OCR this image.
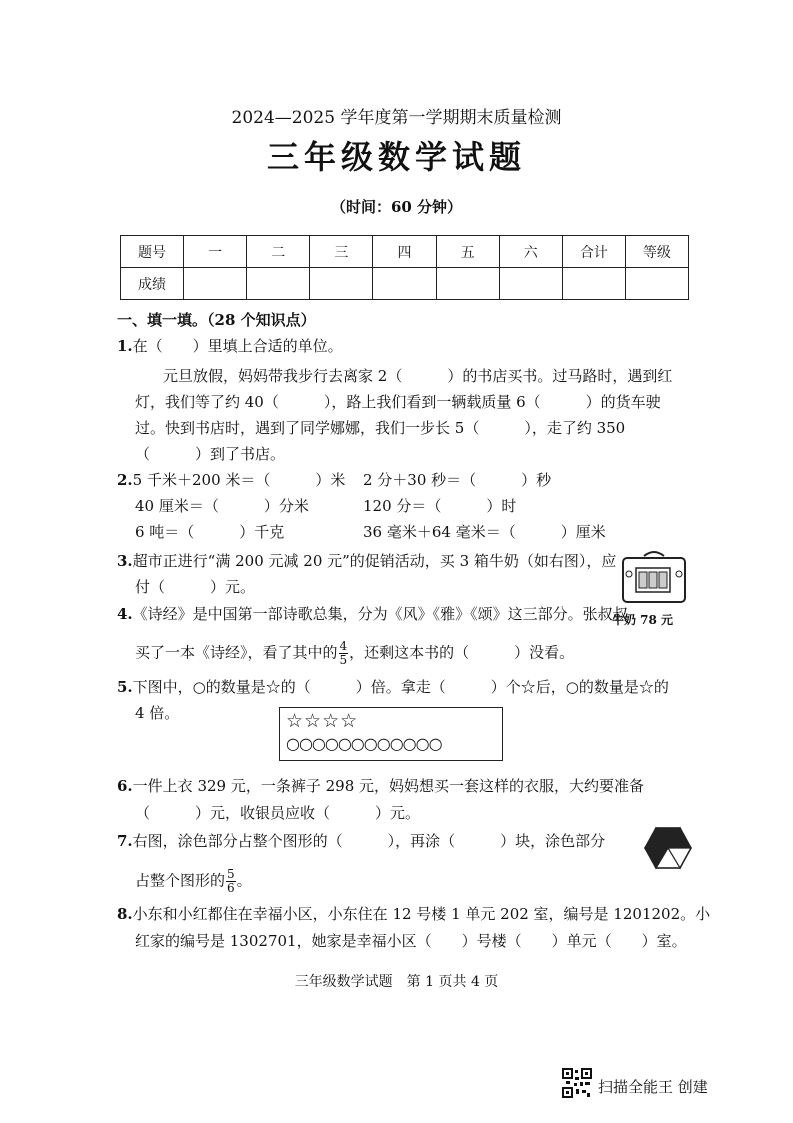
2024—2025 学年度第一学期期末质量检测
三年级数学试题
（时间：60 分钟）
题号	一	二	三	四	五	六	合计	等级
成绩								
一、填一填。（28 个知识点）
1.在（　　）里填上合适的单位。
元旦放假，妈妈带我步行去离家 2（　　　）的书店买书。过马路时，遇到红
灯，我们等了约 40（　　　），路上我们看到一辆载质量 6（　　　）的货车驶
过。快到书店时，遇到了同学娜娜，我们一步长 5（　　　），走了约 350
（　　　）到了书店。
2.5 千米＋200 米＝（　　　）米 2 分＋30 秒＝（　　　）秒
40 厘米＝（　　　）分米	120 分＝（　　　）时
6 吨＝（　　　）千克	36 毫米＋64 毫米＝（　　　）厘米
3.超市正进行“满 200 元减 20 元”的促销活动，买 3 箱牛奶（如右图），应
付（　　　）元。
牛奶 78 元
4.《诗经》是中国第一部诗歌总集，分为《风》《雅》《颂》这三部分。张叔叔
买了一本《诗经》，看了其中的 $\frac{4}{5}$ ，还剩这本书的（　　　）没看。
5.下图中，○的数量是☆的（　　　）倍。拿走（　　　）个☆后，○的数量是☆的
4 倍。	☆☆☆☆
○○○○○○○○○○○○
6.一件上衣 329 元，一条裤子 298 元，妈妈想买一套这样的衣服，大约要准备
（　　　）元，收银员应收（　　　）元。
7.右图，涂色部分占整个图形的（　　　），再涂（　　　）块，涂色部分
占整个图形的 $\frac{5}{6}$ 。
8.小东和小红都住在幸福小区，小东住在 12 号楼 1 单元 202 室，编号是 1201202。小
红家的编号是 1302701，她家是幸福小区（　　）号楼（　　）单元（　　）室。
三年级数学试题　第 1 页共 4 页
扫描全能王 创建
